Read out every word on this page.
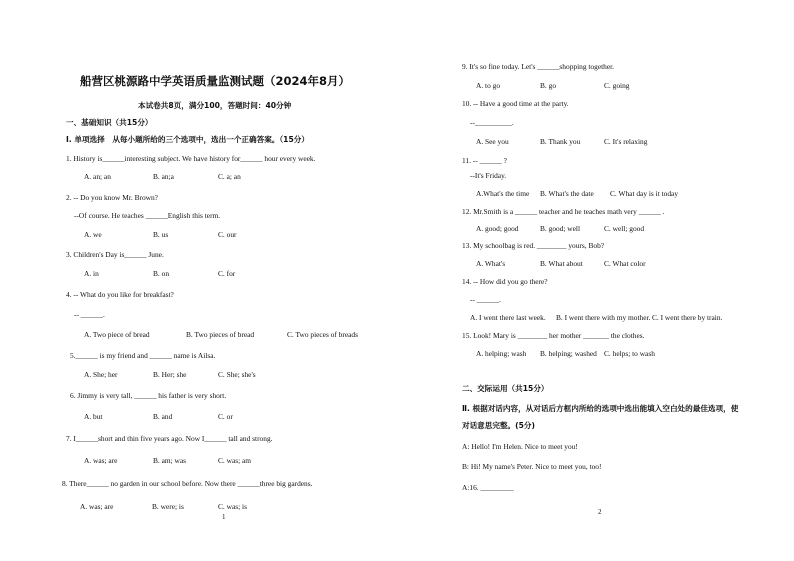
船营区桃源路中学英语质量监测试题（2024年8月）
本试卷共8页，满分100，答题时间：40分钟
一、基础知识（共15分）
Ⅰ. 单项选择　从每小题所给的三个选项中，选出一个正确答案。（15分）
1. History is______interesting subject. We have history for______ hour every week.
A. an; an	B. an;a	C. a; an
2. -- Do you know Mr. Brown?
--Of course. He teaches ______English this term.
A. we	B. us	C. our
3. Children's Day is______ June.
A. in	B. on	C. for
4. -- What do you like for breakfast?
-- ______.
A. Two piece of bread	B. Two pieces of bread	C. Two pieces of breads
5.______ is my friend and ______ name is Ailsa.
A. She; her	B. Her; she	C. She; she's
6. Jimmy is very tall, ______ his father is very short.
A. but	B. and	C. or
7. I______short and thin five years ago. Now I______ tall and strong.
A. was; are	B. am; was	C. was; am
8. There______ no garden in our school before. Now there ______three big gardens.
A. was; are	B. were; is	C. was; is
1
9. It's so fine today. Let's ______shopping together.
A. to go	B. go	C. going
10. -- Have a good time at the party.
--__________.
A. See you	B. Thank you	C. It's relaxing
11. -- ______ ?
--It's Friday.
A.What's the time B. What's the date C. What day is it today
12. Mr.Smith is a ______ teacher and he teaches math very ______ .
A. good; good	B. good; well	C. well; good
13. My schoolbag is red. ________ yours, Bob?
A. What's	B. What about	C. What color
14. -- How did you go there?
-- ______.
A. I went there last week. B. I went there with my mother. C. I went there by train.
15. Look! Mary is ________ her mother _______ the clothes.
A. helping; wash B. helping; washed C. helps; to wash
二、交际运用（共15分）
Ⅱ. 根据对话内容，从对话后方框内所给的选项中选出能填入空白处的最佳选项，使
对话意思完整。(5分)
A: Hello! I'm Helen. Nice to meet you!
B: Hi! My name's Peter. Nice to meet you, too!
A:16. _________
2
